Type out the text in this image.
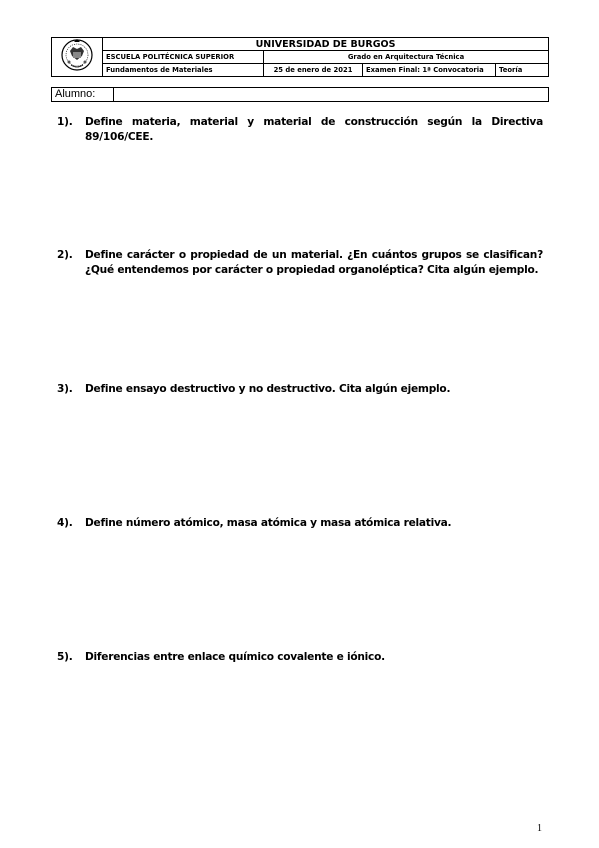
	UNIVERSIDAD DE BURGOS			
	ESCUELA POLITÉCNICA SUPERIOR	Grado en Arquitectura Técnica		
	Fundamentos de Materiales	25 de enero de 2021	Examen Final: 1ª Convocatoria	Teoría
Alumno:	
1). Define materia, material y material de construcción según la Directiva 89/106/CEE.
2). Define carácter o propiedad de un material. ¿En cuántos grupos se clasifican? ¿Qué entendemos por carácter o propiedad organoléptica? Cita algún ejemplo.
3). Define ensayo destructivo y no destructivo. Cita algún ejemplo.
4). Define número atómico, masa atómica y masa atómica relativa.
5). Diferencias entre enlace químico covalente e iónico.
1
